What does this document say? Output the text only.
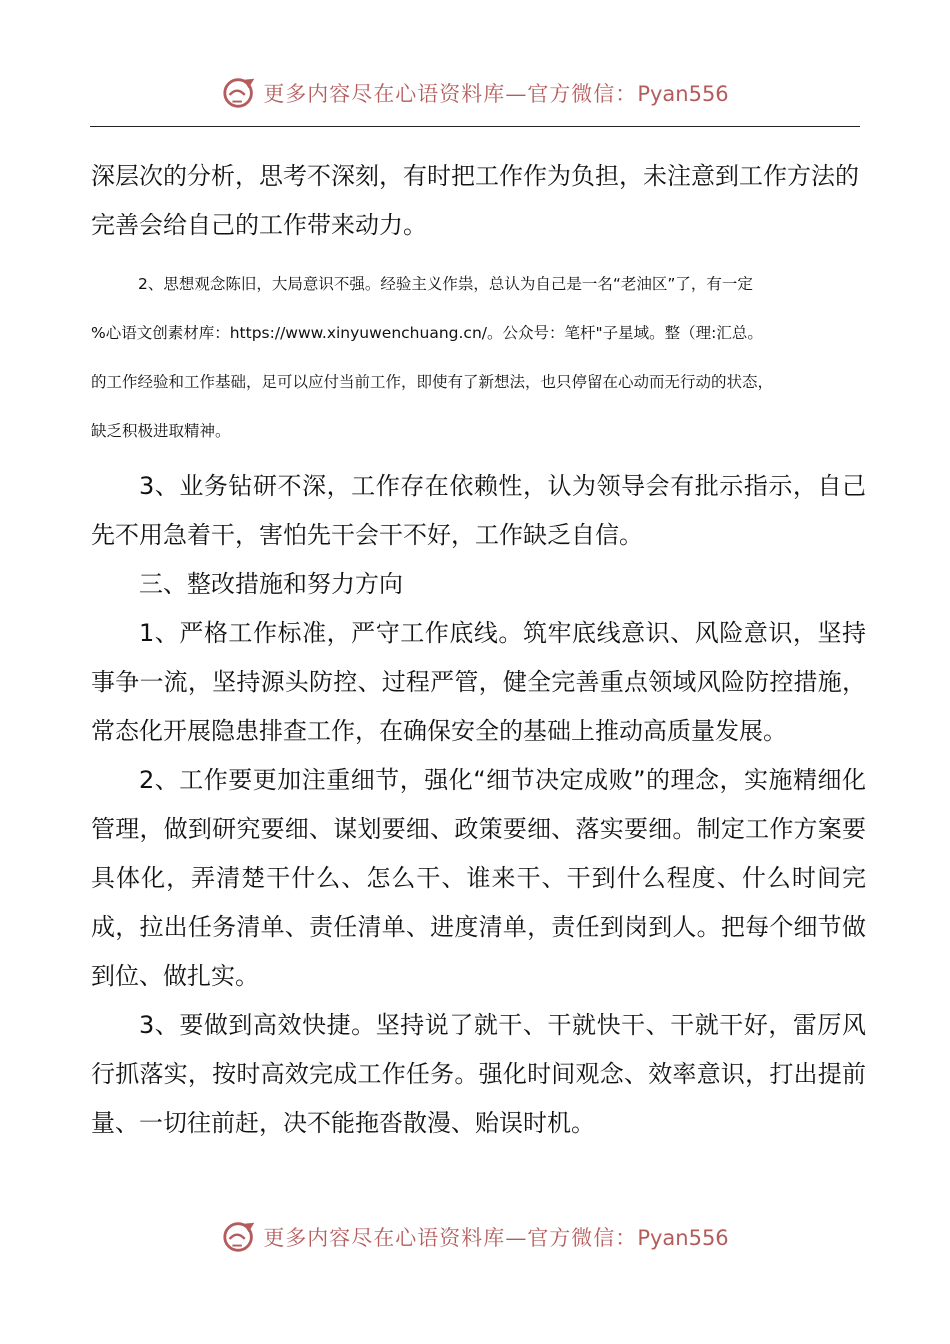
更多内容尽在心语资料库—官方微信：Pyan556

深层次的分析，思考不深刻，有时把工作作为负担，未注意到工作方法的
完善会给自己的工作带来动力。

2、思想观念陈旧，大局意识不强。经验主义作祟，总认为自己是一名“老油区”了，有一定

%心语文创素材库：https://www.xinyuwenchuang.cn/。公众号：笔杆"子星域。整（理:汇总。

的工作经验和工作基础，足可以应付当前工作，即使有了新想法，也只停留在心动而无行动的状态，

缺乏积极进取精神。

3、业务钻研不深，工作存在依赖性，认为领导会有批示指示，自己先不用急着干，害怕先干会干不好，工作缺乏自信。

三、整改措施和努力方向

1、严格工作标准，严守工作底线。筑牢底线意识、风险意识，坚持事争一流，坚持源头防控、过程严管，健全完善重点领域风险防控措施，常态化开展隐患排查工作，在确保安全的基础上推动高质量发展。

2、工作要更加注重细节，强化“细节决定成败”的理念，实施精细化管理，做到研究要细、谋划要细、政策要细、落实要细。制定工作方案要具体化，弄清楚干什么、怎么干、谁来干、干到什么程度、什么时间完成，拉出任务清单、责任清单、进度清单，责任到岗到人。把每个细节做到位、做扎实。

3、要做到高效快捷。坚持说了就干、干就快干、干就干好，雷厉风行抓落实，按时高效完成工作任务。强化时间观念、效率意识，打出提前量、一切往前赶，决不能拖沓散漫、贻误时机。

更多内容尽在心语资料库—官方微信：Pyan556
